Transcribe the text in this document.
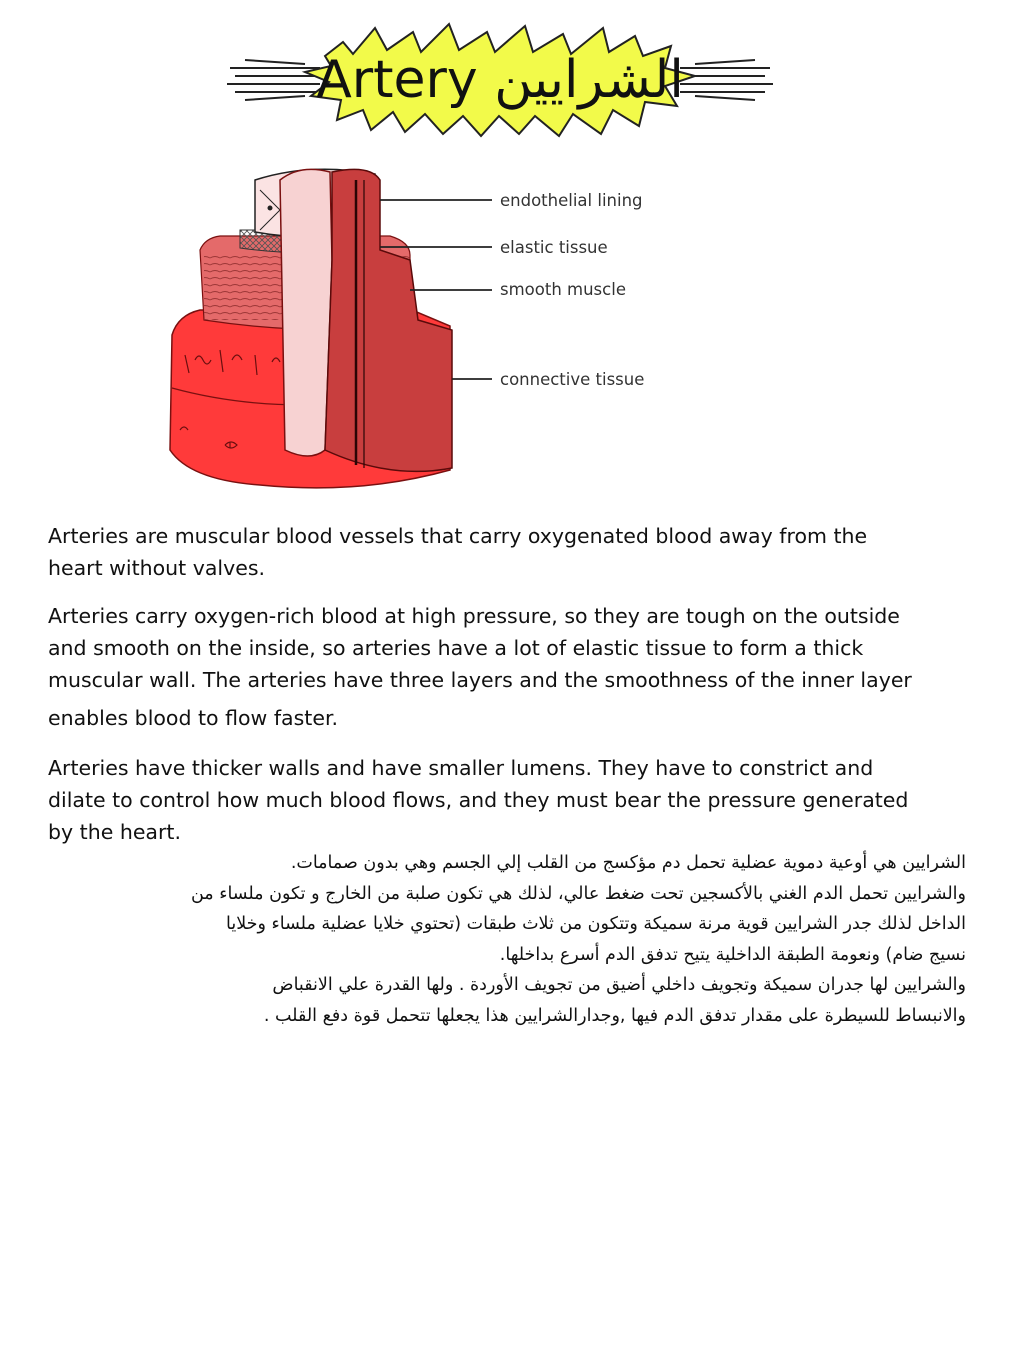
Artery الشرايين
endothelial lining
elastic tissue
smooth muscle
connective tissue
Arteries are muscular blood vessels that carry oxygenated blood away from the
heart without valves.
Arteries carry oxygen-rich blood at high pressure, so they are tough on the outside
and smooth on the inside, so arteries have a lot of elastic tissue to form a thick
muscular wall. The arteries have three layers and the smoothness of the inner layer
enables blood to flow faster.
Arteries have thicker walls and have smaller lumens. They have to constrict and
dilate to control how much blood flows, and they must bear the pressure generated
by the heart.
الشرايين هي أوعية دموية عضلية تحمل دم مؤكسج من القلب إلي الجسم وهي بدون صمامات.
والشرايين تحمل الدم الغني بالأكسجين تحت ضغط عالي، لذلك هي تكون صلبة من الخارج و تكون ملساء من
الداخل لذلك جدر الشرايين قوية مرنة سميكة وتتكون من ثلاث طبقات (تحتوي خلايا عضلية ملساء وخلايا
نسيج ضام) ونعومة الطبقة الداخلية يتيح تدفق الدم أسرع بداخلها.
والشرايين لها جدران سميكة وتجويف داخلي أضيق من تجويف الأوردة . ولها القدرة علي الانقباض
والانبساط للسيطرة على مقدار تدفق الدم فيها ,وجدارالشرايين هذا يجعلها تتحمل قوة دفع القلب .
